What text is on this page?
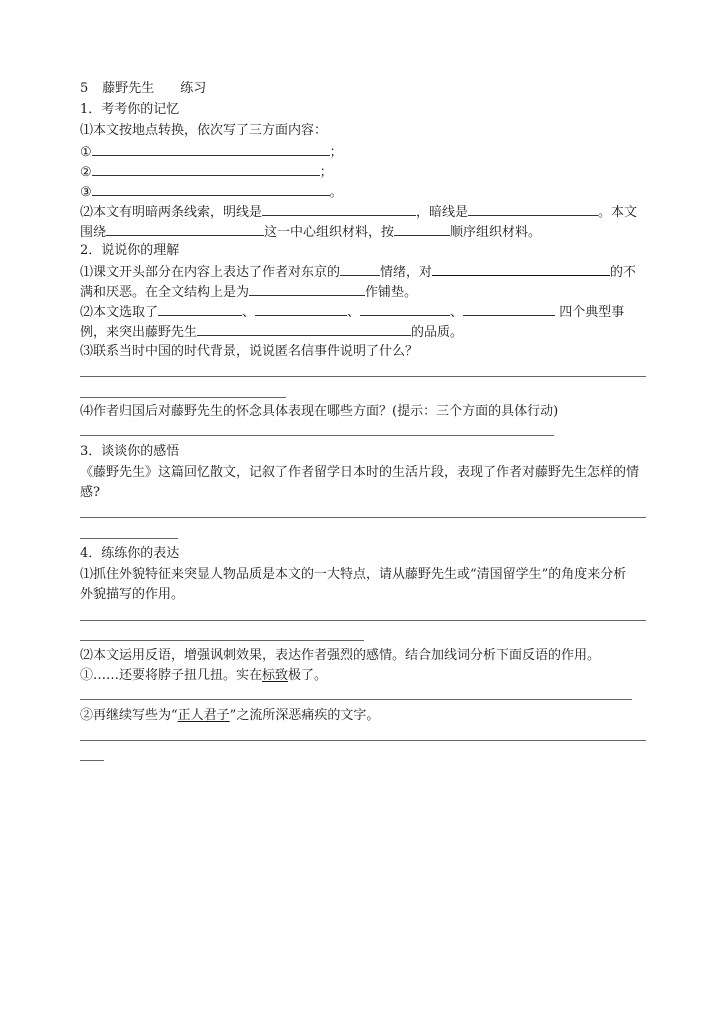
5 藤野先生 练习
1．考考你的记忆
⑴本文按地点转换，依次写了三方面内容：
①	；
②	；
③	。
⑵本文有明暗两条线索，明线是	，暗线是	。本文
围绕	这一中心组织材料，按	顺序组织材料。
2．说说你的理解
⑴课文开头部分在内容上表达了作者对东京的	情绪，对	的不
满和厌恶。在全文结构上是为	作铺垫。
⑵本文选取了	、	、	、	四个典型事
例，来突出藤野先生	的品质。
⑶联系当时中国的时代背景，说说匿名信事件说明了什么？
⑷作者归国后对藤野先生的怀念具体表现在哪些方面？(提示：三个方面的具体行动)
3．谈谈你的感悟
《藤野先生》这篇回忆散文，记叙了作者留学日本时的生活片段，表现了作者对藤野先生怎样的情
感?
4．练练你的表达
⑴抓住外貌特征来突显人物品质是本文的一大特点，请从藤野先生或“清国留学生”的角度来分析
外貌描写的作用。
⑵本文运用反语，增强讽刺效果，表达作者强烈的感情。结合加线词分析下面反语的作用。
①……还要将脖子扭几扭。实在标致极了。
②再继续写些为“正人君子”之流所深恶痛疾的文字。
